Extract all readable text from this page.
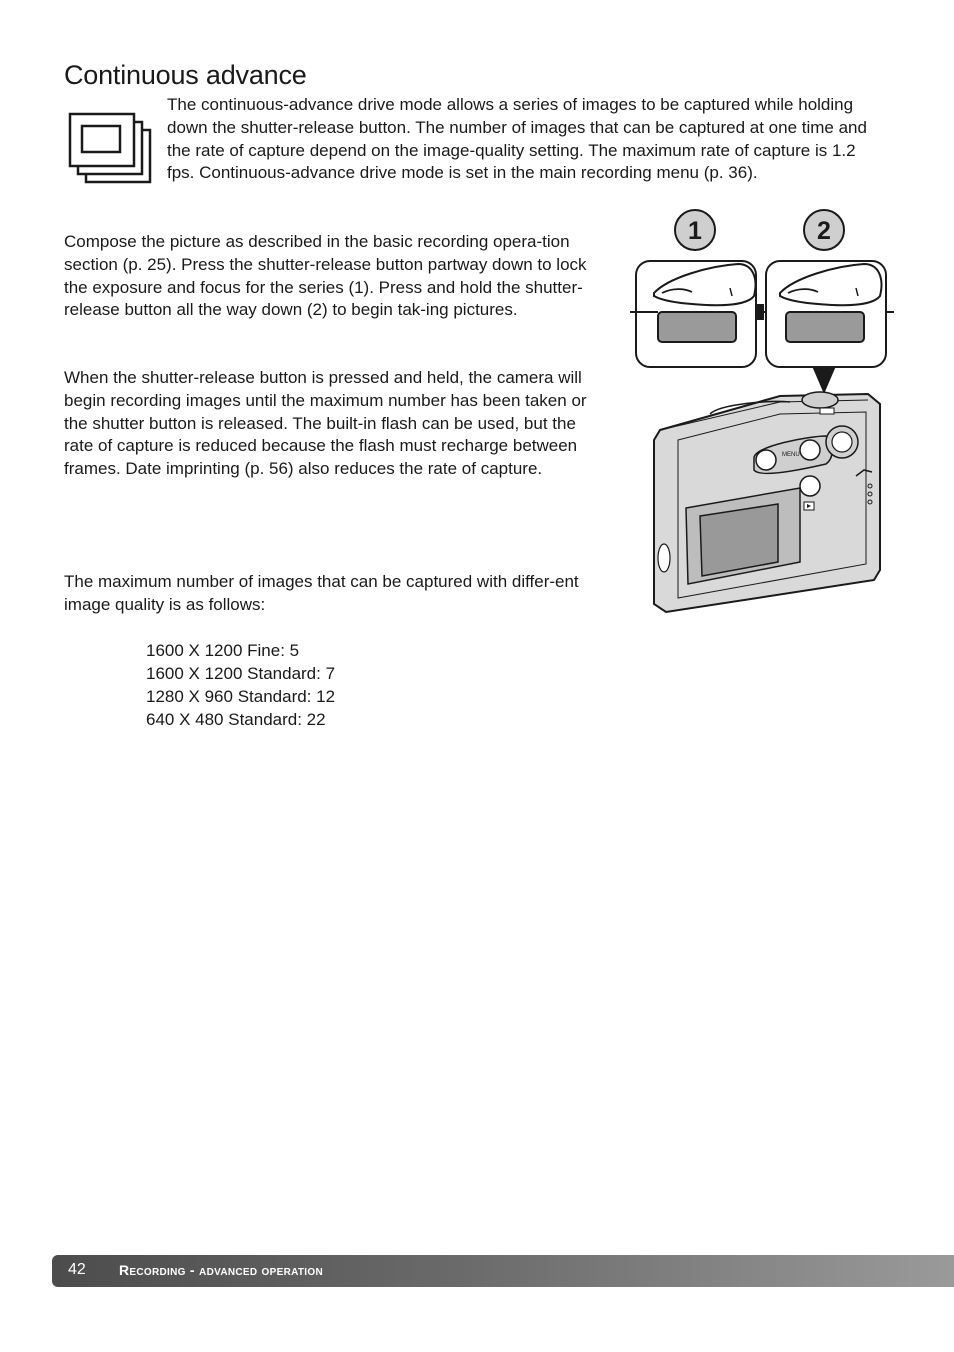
Continuous advance

The continuous-advance drive mode allows a series of images to be captured while holding down the shutter-release button. The number of images that can be captured at one time and the rate of capture depend on the image-quality setting. The maximum rate of capture is 1.2 fps. Continuous-advance drive mode is set in the main recording menu (p. 36).

Compose the picture as described in the basic recording opera-tion section (p. 25). Press the shutter-release button partway down to lock the exposure and focus for the series (1). Press and hold the shutter-release button all the way down (2) to begin tak-ing pictures.

When the shutter-release button is pressed and held, the camera will begin recording images until the maximum number has been taken or the shutter button is released. The built-in flash can be used, but the rate of capture is reduced because the flash must recharge between frames. Date imprinting (p. 56) also reduces the rate of capture.

The maximum number of images that can be captured with differ-ent image quality is as follows:

1600 X 1200 Fine: 5
1600 X 1200 Standard: 7
1280 X 960 Standard: 12
640 X 480 Standard: 22
1	2
MENU
42 Recording - advanced operation
